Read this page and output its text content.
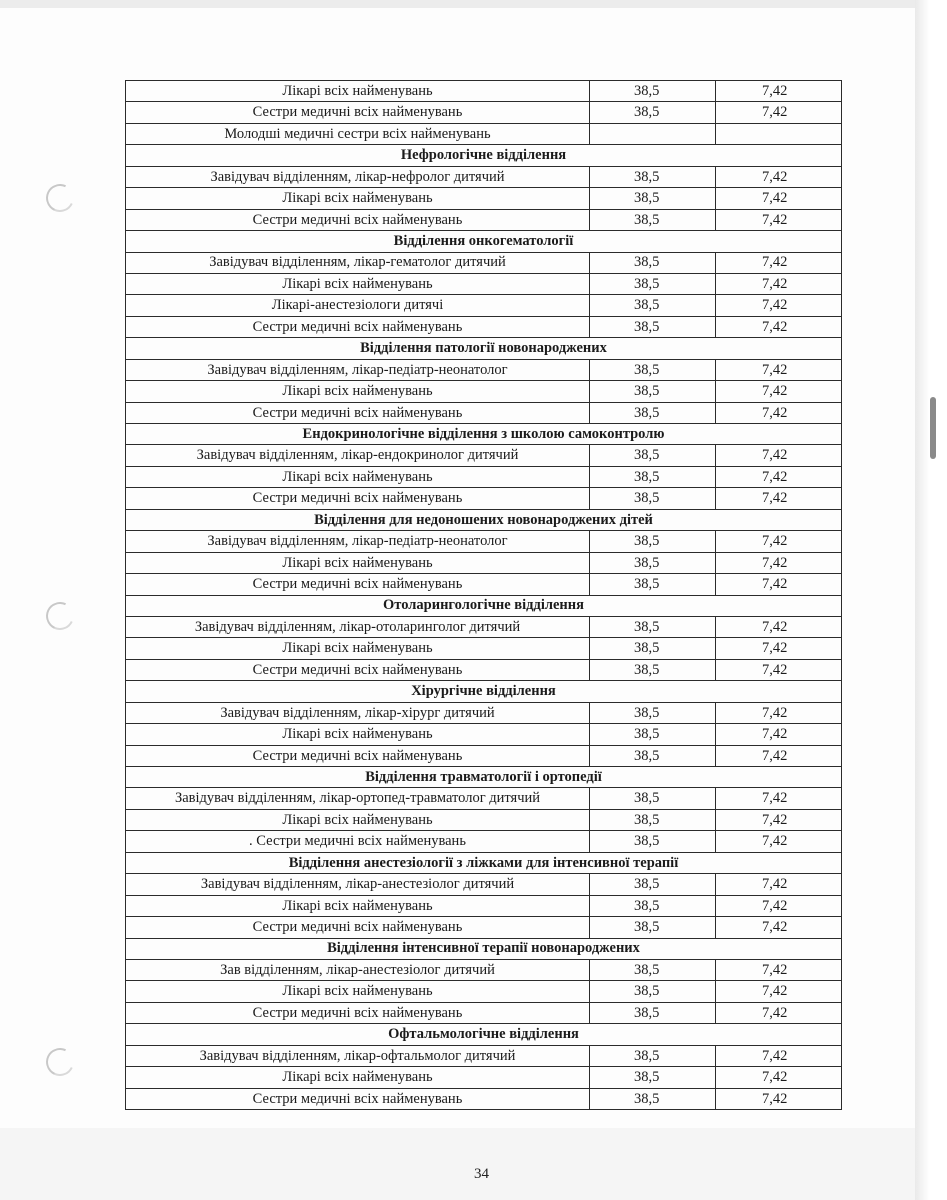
Лікарі всіх найменувань	38,5	7,42
Сестри медичні всіх найменувань	38,5	7,42
Молодші медичні сестри всіх найменувань		
Нефрологічне відділення		
Завідувач відділенням, лікар-нефролог дитячий	38,5	7,42
Лікарі всіх найменувань	38,5	7,42
Сестри медичні всіх найменувань	38,5	7,42
Відділення онкогематології		
Завідувач відділенням, лікар-гематолог дитячий	38,5	7,42
Лікарі всіх найменувань	38,5	7,42
Лікарі-анестезіологи дитячі	38,5	7,42
Сестри медичні всіх найменувань	38,5	7,42
Відділення патології новонароджених		
Завідувач відділенням, лікар-педіатр-неонатолог	38,5	7,42
Лікарі всіх найменувань	38,5	7,42
Сестри медичні всіх найменувань	38,5	7,42
Ендокринологічне відділення з школою самоконтролю		
Завідувач відділенням, лікар-ендокринолог дитячий	38,5	7,42
Лікарі всіх найменувань	38,5	7,42
Сестри медичні всіх найменувань	38,5	7,42
Відділення для недоношених новонароджених дітей		
Завідувач відділенням, лікар-педіатр-неонатолог	38,5	7,42
Лікарі всіх найменувань	38,5	7,42
Сестри медичні всіх найменувань	38,5	7,42
Отоларингологічне відділення		
Завідувач відділенням, лікар-отоларинголог дитячий	38,5	7,42
Лікарі всіх найменувань	38,5	7,42
Сестри медичні всіх найменувань	38,5	7,42
Хірургічне відділення		
Завідувач відділенням, лікар-хірург дитячий	38,5	7,42
Лікарі всіх найменувань	38,5	7,42
Сестри медичні всіх найменувань	38,5	7,42
Відділення травматології і ортопедії		
Завідувач відділенням, лікар-ортопед-травматолог дитячий	38,5	7,42
Лікарі всіх найменувань	38,5	7,42
. Сестри медичні всіх найменувань	38,5	7,42
Відділення анестезіології з ліжками для інтенсивної терапії		
Завідувач відділенням, лікар-анестезіолог дитячий	38,5	7,42
Лікарі всіх найменувань	38,5	7,42
Сестри медичні всіх найменувань	38,5	7,42
Відділення інтенсивної терапії новонароджених		
Зав відділенням, лікар-анестезіолог дитячий	38,5	7,42
Лікарі всіх найменувань	38,5	7,42
Сестри медичні всіх найменувань	38,5	7,42
Офтальмологічне відділення		
Завідувач відділенням, лікар-офтальмолог дитячий	38,5	7,42
Лікарі всіх найменувань	38,5	7,42
Сестри медичні всіх найменувань	38,5	7,42
34
